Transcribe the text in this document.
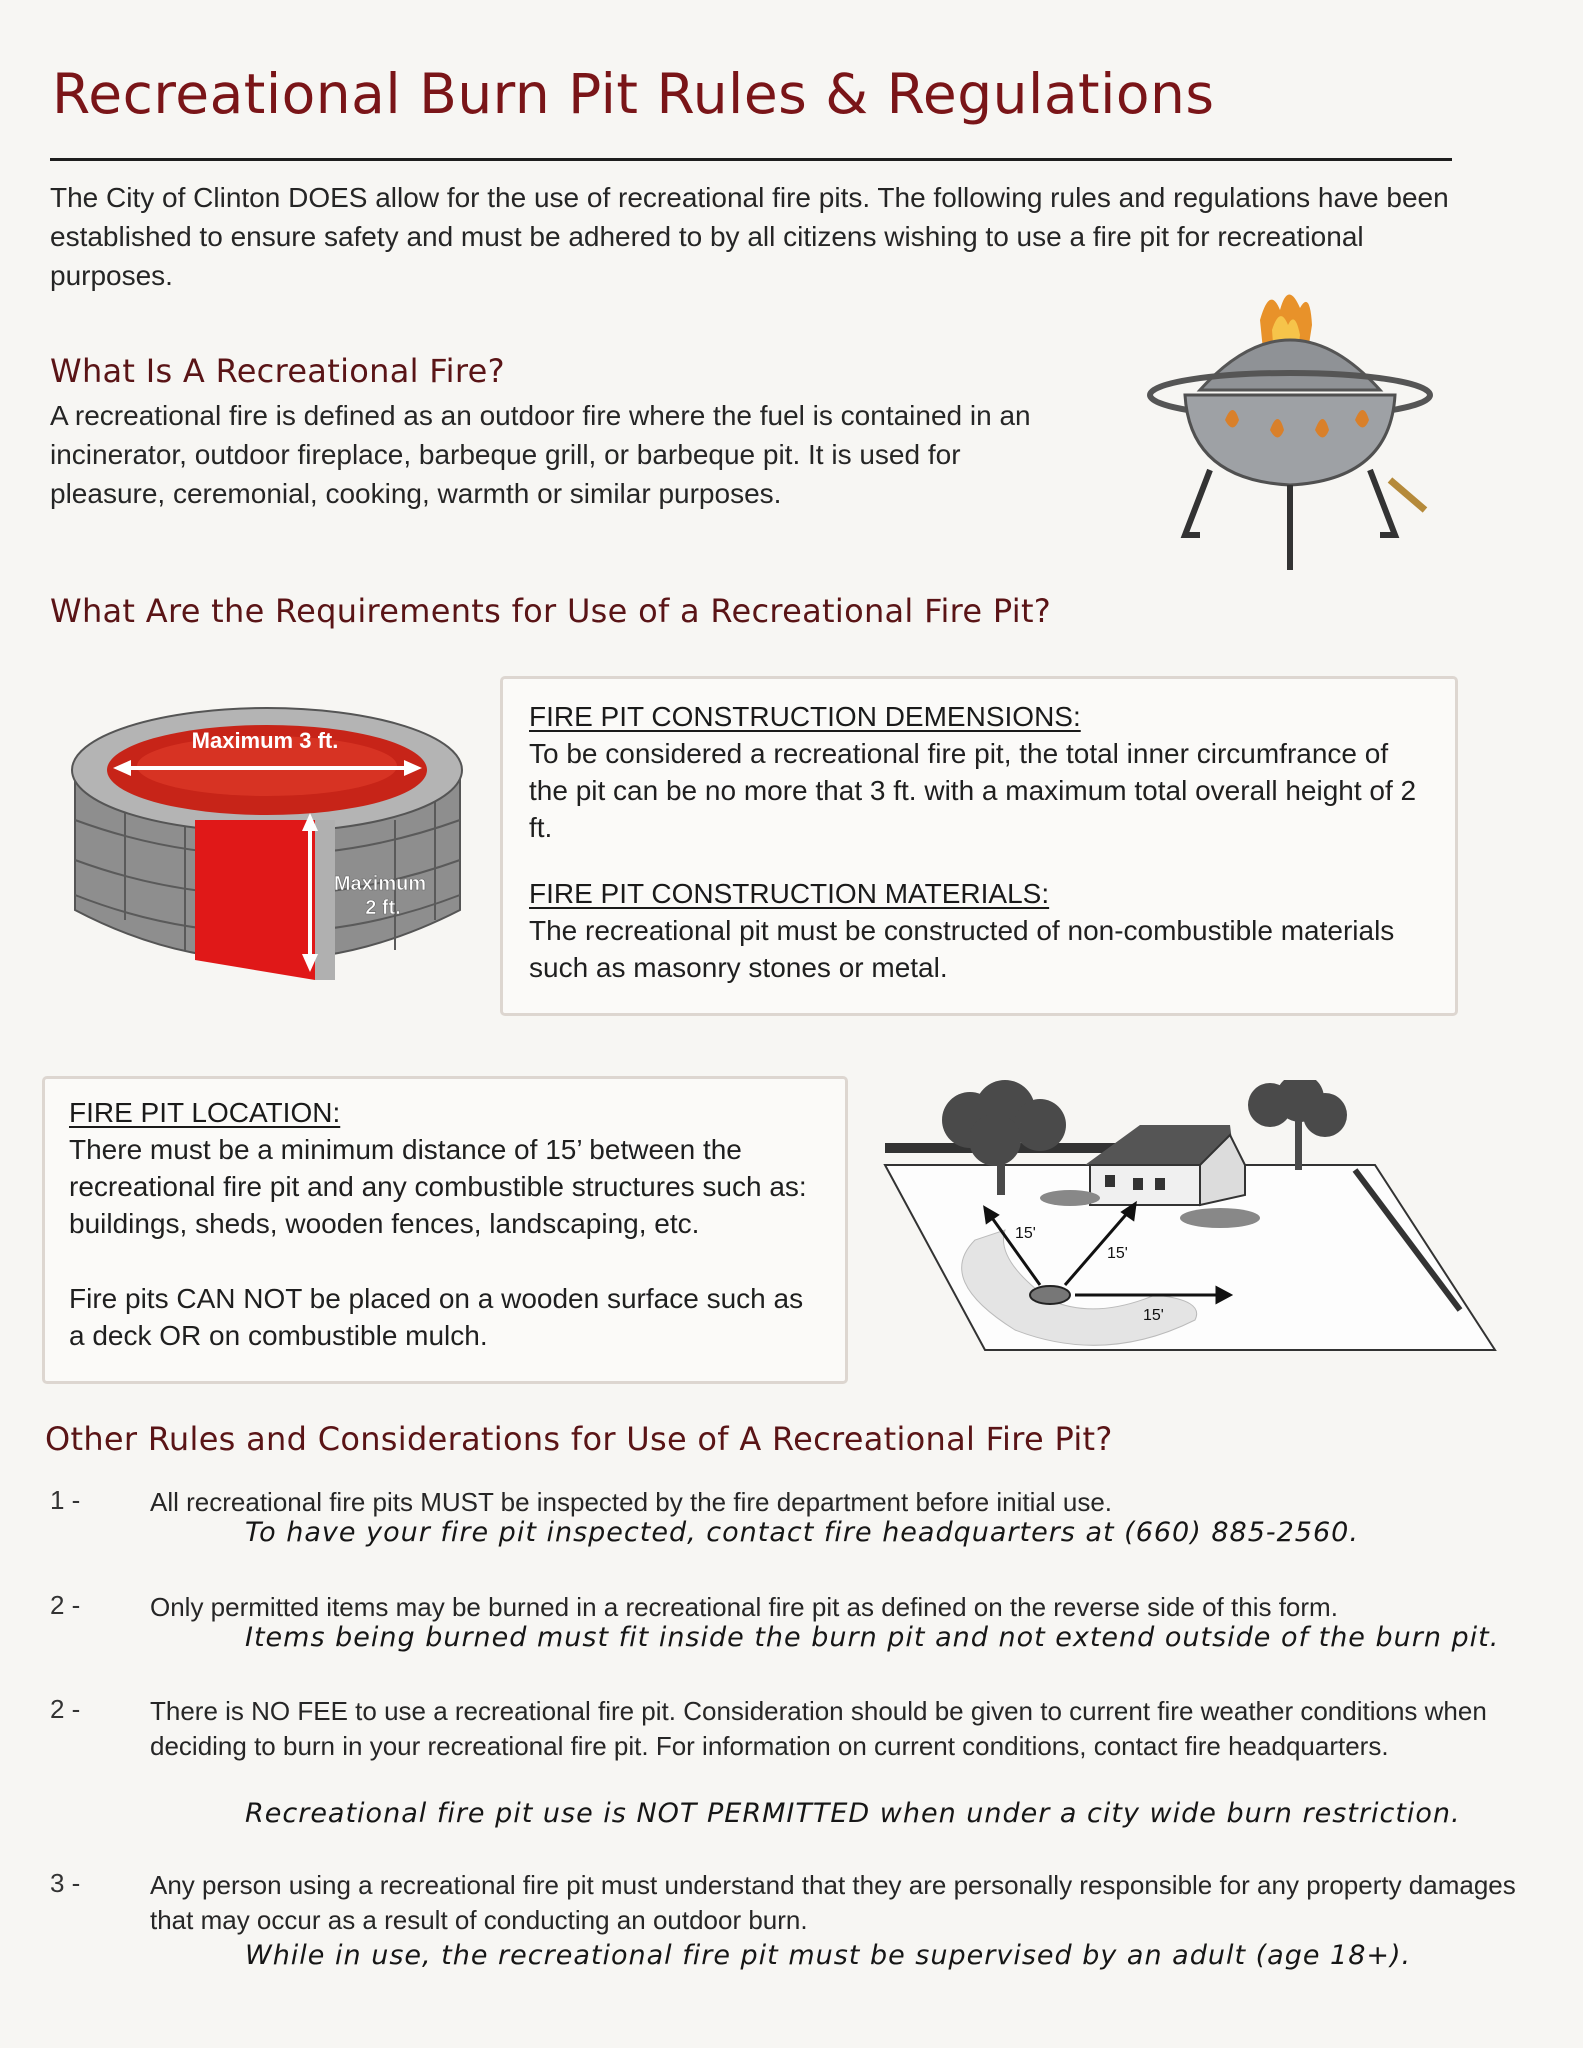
Recreational Burn Pit Rules & Regulations

The City of Clinton DOES allow for the use of recreational fire pits. The following rules and regulations have been established to ensure safety and must be adhered to by all citizens wishing to use a fire pit for recreational purposes.

What Is A Recreational Fire?

A recreational fire is defined as an outdoor fire where the fuel is contained in an incinerator, outdoor fireplace, barbeque grill, or barbeque pit. It is used for pleasure, ceremonial, cooking, warmth or similar purposes.

What Are the Requirements for Use of a Recreational Fire Pit?
Maximum 3 ft.
Maximum
2 ft.
FIRE PIT CONSTRUCTION DEMENSIONS:

To be considered a recreational fire pit, the total inner circumfrance of the pit can be no more that 3 ft. with a maximum total overall height of 2 ft.

FIRE PIT CONSTRUCTION MATERIALS:

The recreational pit must be constructed of non-combustible materials such as masonry stones or metal.

FIRE PIT LOCATION:

There must be a minimum distance of 15’ between the recreational fire pit and any combustible structures such as: buildings, sheds, wooden fences, landscaping, etc.

Fire pits CAN NOT be placed on a wooden surface such as a deck OR on combustible mulch.

15'
15'
15'
Other Rules and Considerations for Use of A Recreational Fire Pit?
1 -	All recreational fire pits MUST be inspected by the fire department before initial use.
To have your fire pit inspected, contact fire headquarters at (660) 885-2560.
2 -	Only permitted items may be burned in a recreational fire pit as defined on the reverse side of this form.
Items being burned must fit inside the burn pit and not extend outside of the burn pit.
2 -	There is NO FEE to use a recreational fire pit. Consideration should be given to current fire weather conditions when deciding to burn in your recreational fire pit. For information on current conditions, contact fire headquarters.
Recreational fire pit use is NOT PERMITTED when under a city wide burn restriction.
3 -	Any person using a recreational fire pit must understand that they are personally responsible for any property damages that may occur as a result of conducting an outdoor burn.
While in use, the recreational fire pit must be supervised by an adult (age 18+).
